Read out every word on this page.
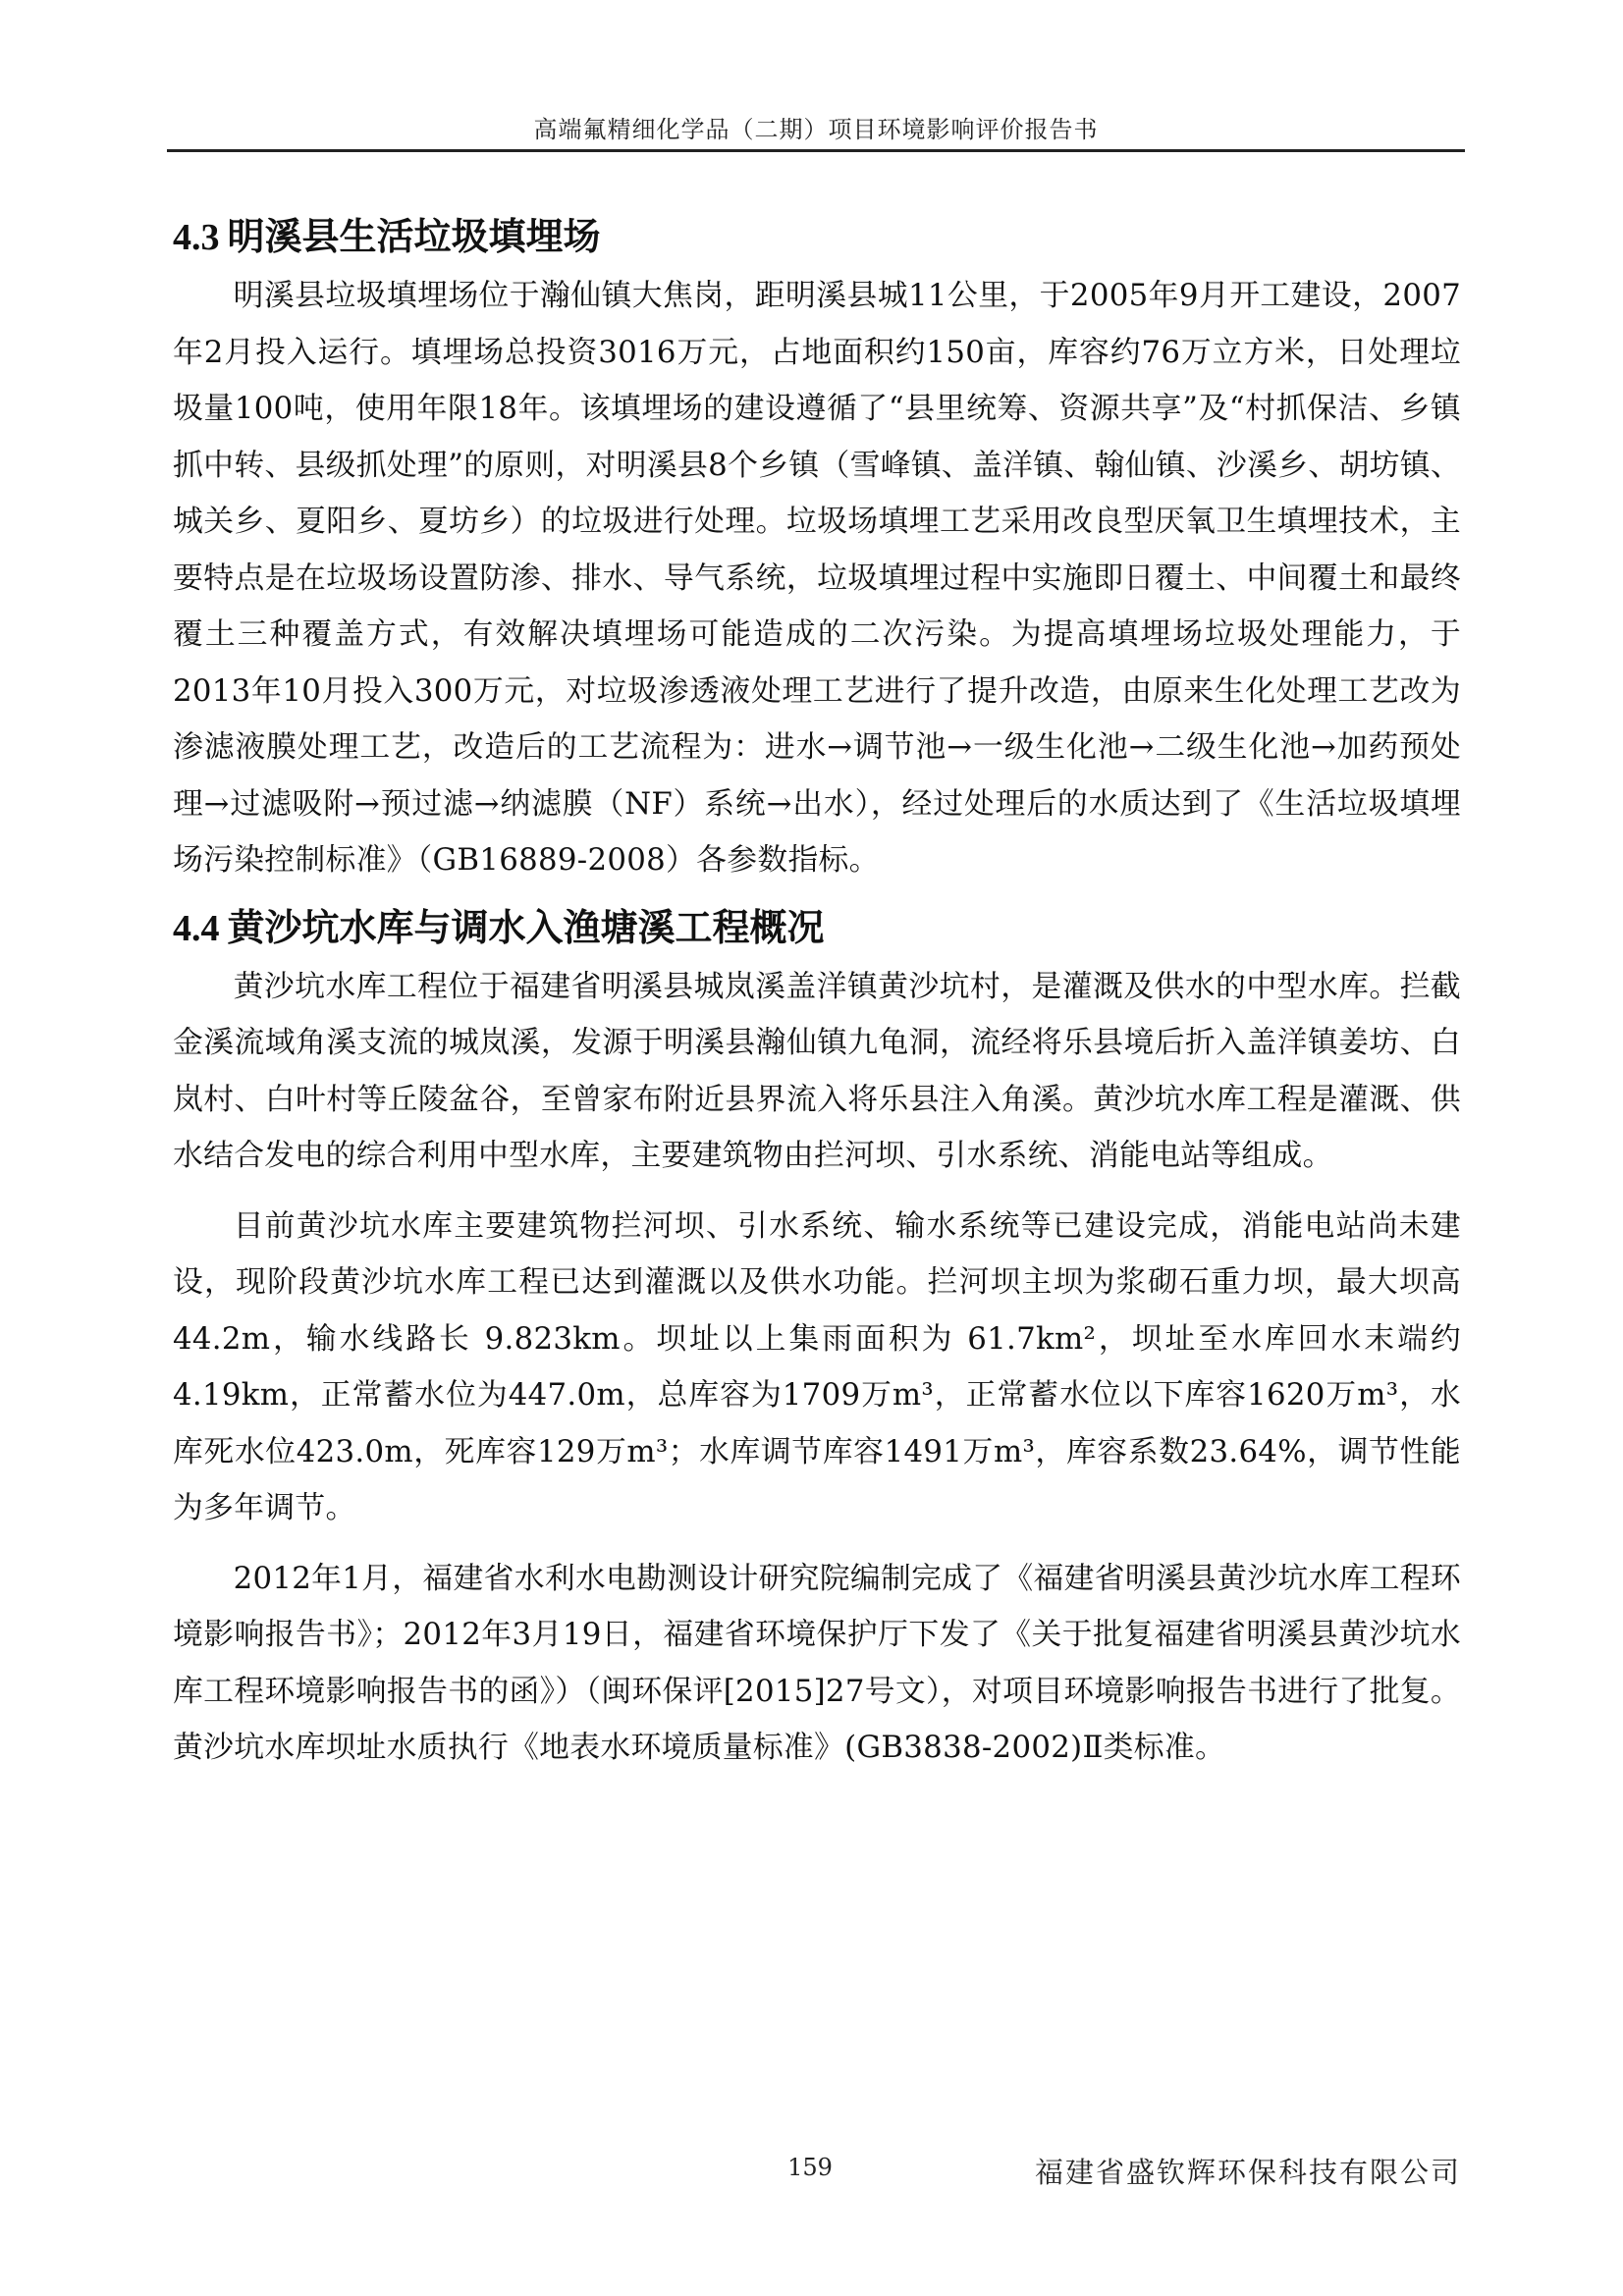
高端氟精细化学品（二期）项目环境影响评价报告书
4.3 明溪县生活垃圾填埋场

明溪县垃圾填埋场位于瀚仙镇大焦岗，距明溪县城11公里，于2005年9月开工建设，2007年2月投入运行。填埋场总投资3016万元，占地面积约150亩，库容约76万立方米，日处理垃圾量100吨，使用年限18年。该填埋场的建设遵循了“县里统筹、资源共享”及“村抓保洁、乡镇抓中转、县级抓处理”的原则，对明溪县8个乡镇（雪峰镇、盖洋镇、翰仙镇、沙溪乡、胡坊镇、城关乡、夏阳乡、夏坊乡）的垃圾进行处理。垃圾场填埋工艺采用改良型厌氧卫生填埋技术，主要特点是在垃圾场设置防渗、排水、导气系统，垃圾填埋过程中实施即日覆土、中间覆土和最终覆土三种覆盖方式，有效解决填埋场可能造成的二次污染。为提高填埋场垃圾处理能力，于2013年10月投入300万元，对垃圾渗透液处理工艺进行了提升改造，由原来生化处理工艺改为渗滤液膜处理工艺，改造后的工艺流程为：进水→调节池→一级生化池→二级生化池→加药预处理→过滤吸附→预过滤→纳滤膜（NF）系统→出水），经过处理后的水质达到了《生活垃圾填埋场污染控制标准》（GB16889-2008）各参数指标。

4.4 黄沙坑水库与调水入渔塘溪工程概况

黄沙坑水库工程位于福建省明溪县城岚溪盖洋镇黄沙坑村，是灌溉及供水的中型水库。拦截金溪流域角溪支流的城岚溪，发源于明溪县瀚仙镇九龟洞，流经将乐县境后折入盖洋镇姜坊、白岚村、白叶村等丘陵盆谷，至曾家布附近县界流入将乐县注入角溪。黄沙坑水库工程是灌溉、供水结合发电的综合利用中型水库，主要建筑物由拦河坝、引水系统、消能电站等组成。

目前黄沙坑水库主要建筑物拦河坝、引水系统、输水系统等已建设完成，消能电站尚未建设，现阶段黄沙坑水库工程已达到灌溉以及供水功能。拦河坝主坝为浆砌石重力坝，最大坝高 44.2m，输水线路长 9.823km。坝址以上集雨面积为 61.7km²，坝址至水库回水末端约4.19km，正常蓄水位为447.0m，总库容为1709万m³，正常蓄水位以下库容1620万m³，水库死水位423.0m，死库容129万m³；水库调节库容1491万m³，库容系数23.64%，调节性能为多年调节。

2012年1月，福建省水利水电勘测设计研究院编制完成了《福建省明溪县黄沙坑水库工程环境影响报告书》；2012年3月19日，福建省环境保护厅下发了《关于批复福建省明溪县黄沙坑水库工程环境影响报告书的函》）（闽环保评[2015]27号文），对项目环境影响报告书进行了批复。黄沙坑水库坝址水质执行《地表水环境质量标准》(GB3838-2002)Ⅱ类标准。

159	福建省盛钦辉环保科技有限公司
